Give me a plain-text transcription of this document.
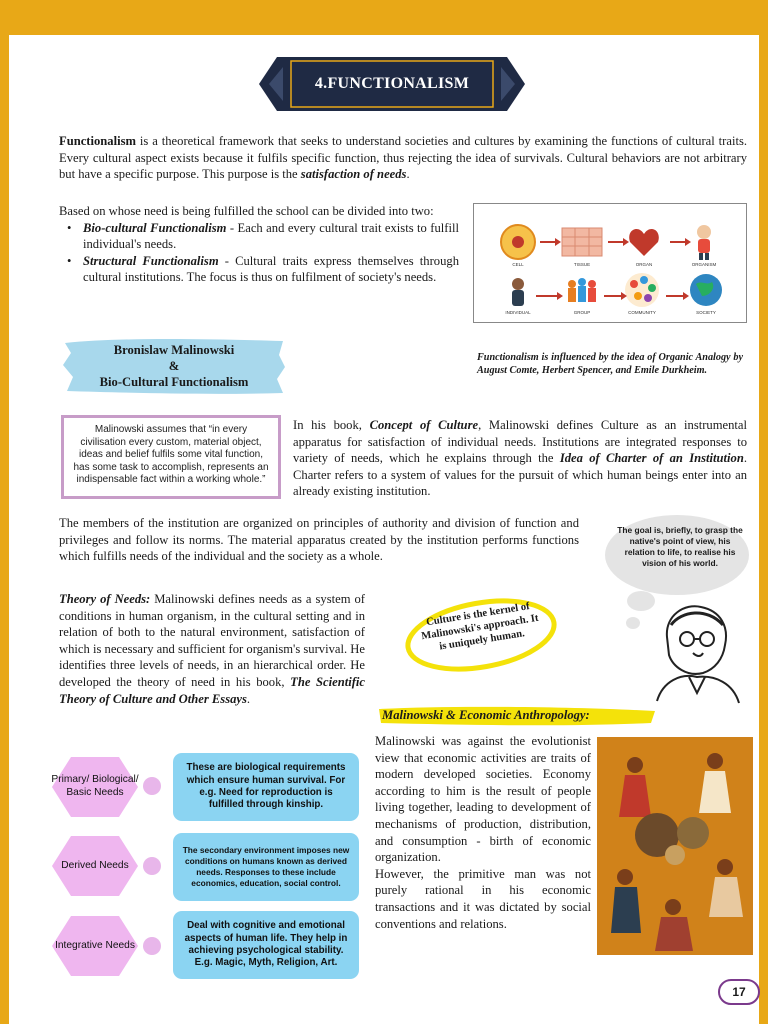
4.FUNCTIONALISM
Functionalism is a theoretical framework that seeks to understand societies and cultures by examining the functions of cultural traits. Every cultural aspect exists because it fulfils specific function, thus rejecting the idea of survivals. Cultural behaviors are not arbitrary but have a specific purpose. This purpose is the satisfaction of needs.
Based on whose need is being fulfilled the school can be divided into two:
• Bio-cultural Functionalism - Each and every cultural trait exists to fulfill individual's needs.
• Structural Functionalism - Cultural traits express themselves through cultural institutions. The focus is thus on fulfilment of society's needs.
CELL	TISSUE	ORGAN	ORGANISM
INDIVIDUAL	GROUP	COMMUNITY	SOCIETY
Functionalism is influenced by the idea of Organic Analogy by August Comte, Herbert Spencer, and Emile Durkheim.
Bronislaw Malinowski
&
Bio-Cultural Functionalism
Malinowski assumes that “in every civilisation every custom, material object, ideas and belief fulfils some vital function, has some task to accomplish, represents an indispensable fact within a working whole.”
In his book, Concept of Culture, Malinowski defines Culture as an instrumental apparatus for satisfaction of individual needs. Institutions are integrated responses to variety of needs, which he explains through the Idea of Charter of an Institution. Charter refers to a system of values for the pursuit of which human beings enter into an already existing institution.
The members of the institution are organized on principles of authority and division of function and privileges and follow its norms. The material apparatus created by the institution performs functions which fulfills needs of the individual and the society as a whole.
The goal is, briefly, to grasp the native's point of view, his relation to life, to realise his vision of his world.
Culture is the kernel of Malinowski's approach. It is uniquely human.
Theory of Needs: Malinowski defines needs as a system of conditions in human organism, in the cultural setting and in relation of both to the natural environment, satisfaction of which is necessary and sufficient for organism's survival. He identifies three levels of needs, in an hierarchical order. He developed the theory of need in his book, The Scientific Theory of Culture and Other Essays.
Malinowski & Economic Anthropology:
Malinowski was against the evolutionist view that economic activities are traits of modern developed societies. Economy according to him is the result of people living together, leading to development of mechanisms of production, distribution, and consumption - birth of economic organization.
However, the primitive man was not purely rational in his economic transactions and it was dictated by social conventions and relations.
Primary/ Biological/ Basic Needs
These are biological requirements which ensure human survival. For e.g. Need for reproduction is fulfilled through kinship.
Derived Needs
The secondary environment imposes new conditions on humans known as derived needs. Responses to these include economics, education, social control.
Integrative Needs
Deal with cognitive and emotional aspects of human life. They help in achieving psychological stability. E.g. Magic, Myth, Religion, Art.
17
